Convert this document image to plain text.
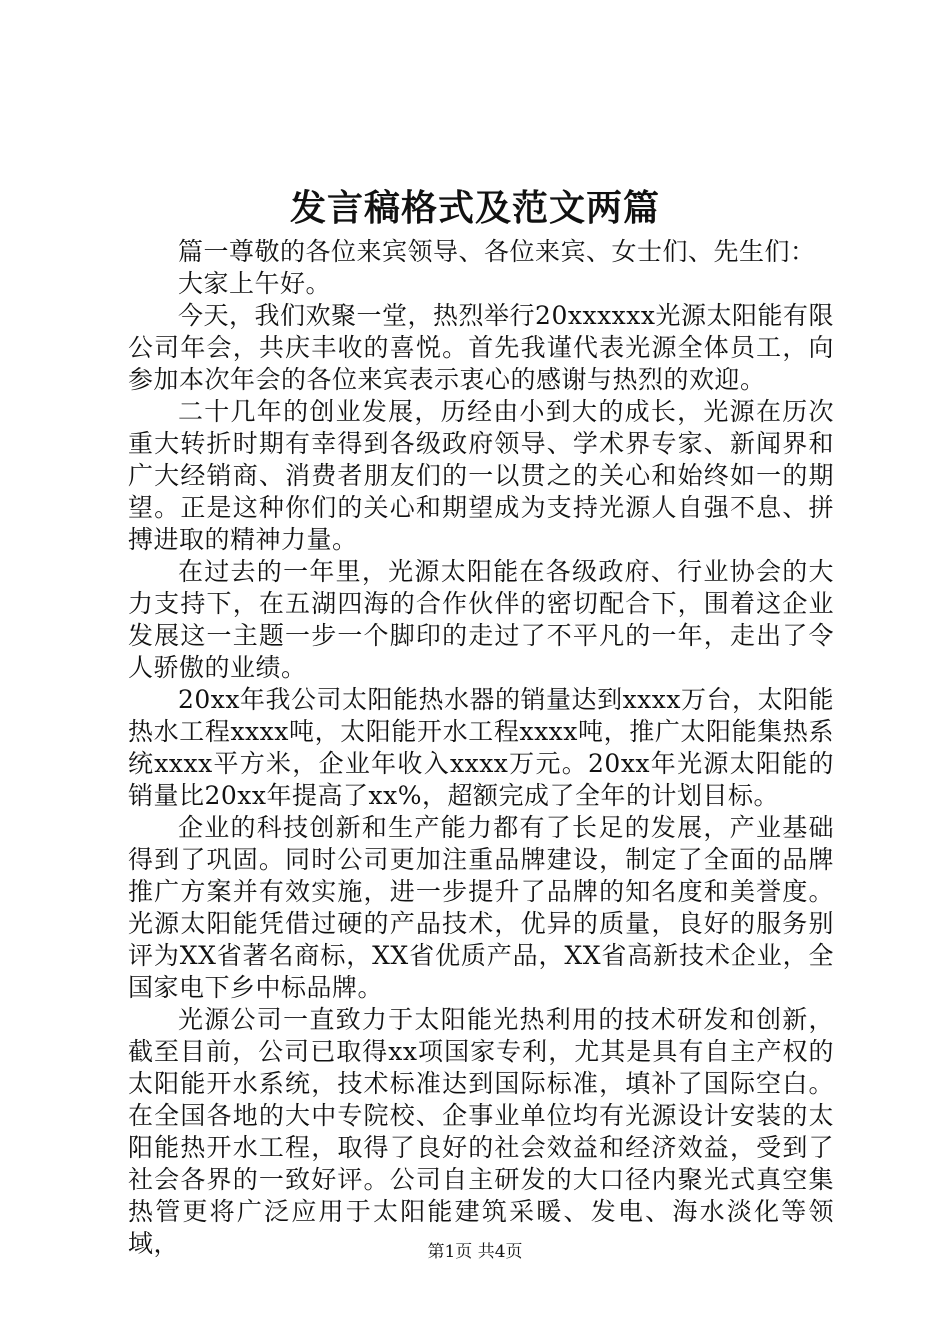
发言稿格式及范文两篇

篇一尊敬的各位来宾领导、各位来宾、女士们、先生们：

大家上午好。

今天，我们欢聚一堂，热烈举行20xxxxxx光源太阳能有限公司年会，共庆丰收的喜悦。首先我谨代表光源全体员工，向参加本次年会的各位来宾表示衷心的感谢与热烈的欢迎。

二十几年的创业发展，历经由小到大的成长，光源在历次重大转折时期有幸得到各级政府领导、学术界专家、新闻界和广大经销商、消费者朋友们的一以贯之的关心和始终如一的期望。正是这种你们的关心和期望成为支持光源人自强不息、拼搏进取的精神力量。

在过去的一年里，光源太阳能在各级政府、行业协会的大力支持下，在五湖四海的合作伙伴的密切配合下，围着这企业发展这一主题一步一个脚印的走过了不平凡的一年，走出了令人骄傲的业绩。

20xx年我公司太阳能热水器的销量达到xxxx万台，太阳能热水工程xxxx吨，太阳能开水工程xxxx吨，推广太阳能集热系统xxxx平方米，企业年收入xxxx万元。20xx年光源太阳能的销量比20xx年提高了xx%，超额完成了全年的计划目标。

企业的科技创新和生产能力都有了长足的发展，产业基础得到了巩固。同时公司更加注重品牌建设，制定了全面的品牌推广方案并有效实施，进一步提升了品牌的知名度和美誉度。光源太阳能凭借过硬的产品技术，优异的质量，良好的服务别评为XX省著名商标，XX省优质产品，XX省高新技术企业，全国家电下乡中标品牌。

光源公司一直致力于太阳能光热利用的技术研发和创新，截至目前，公司已取得xx项国家专利，尤其是具有自主产权的太阳能开水系统，技术标准达到国际标准，填补了国际空白。在全国各地的大中专院校、企事业单位均有光源设计安装的太阳能热开水工程，取得了良好的社会效益和经济效益，受到了社会各界的一致好评。公司自主研发的大口径内聚光式真空集热管更将广泛应用于太阳能建筑采暖、发电、海水淡化等领域，	第1页 共4页
